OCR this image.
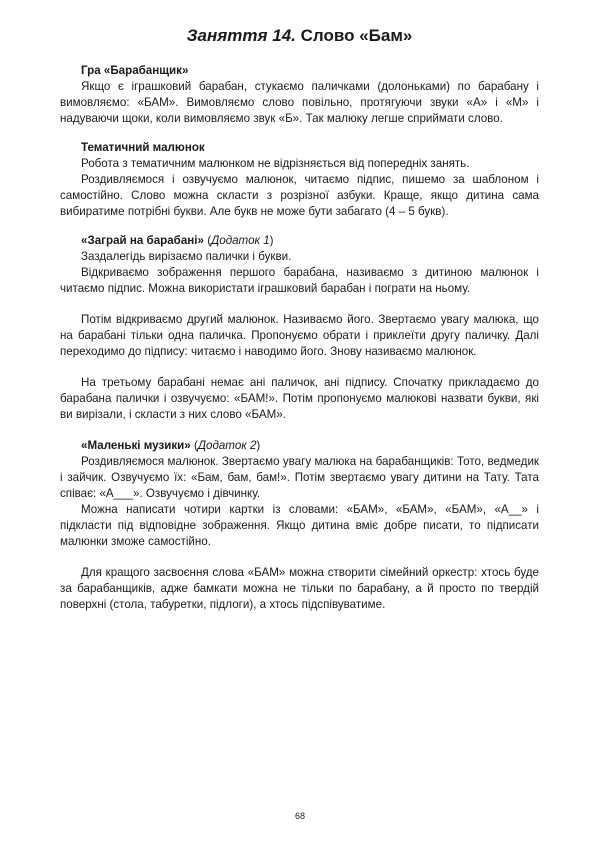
Заняття 14. Слово «Бам»

Гра «Барабанщик»

Якщо є іграшковий барабан, стукаємо паличками (долоньками) по барабану і вимовляємо: «БАМ». Вимовляємо слово повільно, протягуючи звуки «А» і «М» і надуваючи щоки, коли вимовляємо звук «Б». Так малюку легше сприймати слово.

Тематичний малюнок

Робота з тематичним малюнком не відрізняється від попередніх занять.

Роздивляємося і озвучуємо малюнок, читаємо підпис, пишемо за шаблоном і самостійно. Слово можна скласти з розрізної азбуки. Краще, якщо дитина сама вибиратиме потрібні букви. Але букв не може бути забагато (4 – 5 букв).

«Заграй на барабані» (Додаток 1)

Заздалегідь вирізаємо палички і букви.

Відкриваємо зображення першого барабана, називаємо з дитиною малюнок і читаємо підпис. Можна використати іграшковий барабан і пограти на ньому.

Потім відкриваємо другий малюнок. Називаємо його. Звертаємо увагу малюка, що на барабані тільки одна паличка. Пропонуємо обрати і приклеїти другу паличку. Далі переходимо до підпису: читаємо і наводимо його. Знову називаємо малюнок.

На третьому барабані немає ані паличок, ані підпису. Спочатку прикладаємо до барабана палички і озвучуємо: «БАМ!». Потім пропонуємо малюкові назвати букви, які ви вирізали, і скласти з них слово «БАМ».

«Маленькі музики» (Додаток 2)

Роздивляємося малюнок. Звертаємо увагу малюка на барабанщиків: Тото, ведмедик і зайчик. Озвучуємо їх: «Бам, бам, бам!». Потім звертаємо увагу дитини на Тату. Тата співає: «А___». Озвучуємо і дівчинку.

Можна написати чотири картки із словами: «БАМ», «БАМ», «БАМ», «А__» і підкласти під відповідне зображення. Якщо дитина вміє добре писати, то підписати малюнки зможе самостійно.

Для кращого засвоєння слова «БАМ» можна створити сімейний оркестр: хтось буде за барабанщиків, адже бамкати можна не тільки по барабану, а й просто по твердій поверхні (стола, табуретки, підлоги), а хтось підспівуватиме.

68
